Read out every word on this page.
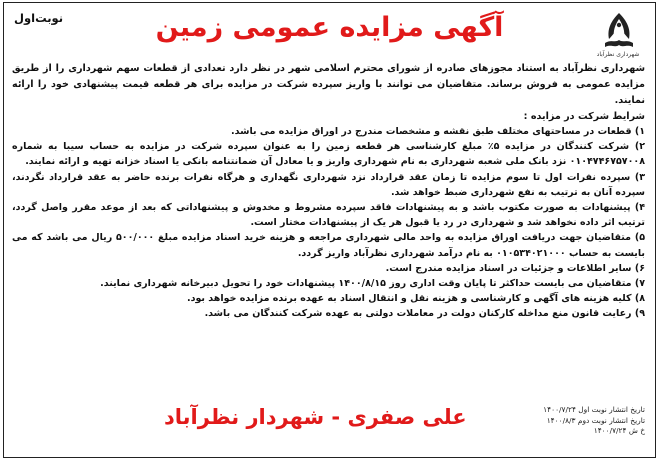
شهرداری نظرآباد
آگهی مزایده عمومی زمین
نوبت‌اول

شهرداری نظرآباد به استناد مجوزهای صادره از شورای محترم اسلامی شهر در نظر دارد تعدادی از قطعات سهم شهرداری را از طریق مزایده عمومی به فروش برساند. متقاضیان می توانند با واریز سپرده شرکت در مزایده برای هر قطعه قیمت پیشنهادی خود را ارائه نمایند.

شرایط شرکت در مزایده :

۱) قطعات در مساحتهای مختلف طبق نقشه و مشخصات مندرج در اوراق مزایده می باشد.
۲) شرکت کنندگان در مزایده ۵٪ مبلغ کارشناسی هر قطعه زمین را به عنوان سپرده شرکت در مزایده به حساب سیبا به شماره ۰۱۰۴۷۴۶۷۵۷۰۰۸ نزد بانک ملی شعبه شهرداری به نام شهرداری واریز و یا معادل آن ضمانتنامه بانکی یا اسناد خزانه تهیه و ارائه نمایند.
۳) سپرده نفرات اول تا سوم مزایده تا زمان عقد قرارداد نزد شهرداری نگهداری و هرگاه نفرات برنده حاضر به عقد قرارداد نگردند، سپرده آنان به ترتیب به نفع شهرداری ضبط خواهد شد.
۴) پیشنهادات به صورت مکتوب باشد و به پیشنهادات فاقد سپرده مشروط و مخدوش و پیشنهاداتی که بعد از موعد مقرر واصل گردد، ترتیب اثر داده نخواهد شد و شهرداری در رد یا قبول هر یک از پیشنهادات مختار است.
۵) متقاضیان جهت دریافت اوراق مزایده به واحد مالی شهرداری مراجعه و هزینه خرید اسناد مزایده مبلغ ۵۰۰/۰۰۰ ریال می باشد که می بایست به حساب ۰۱۰۵۳۴۰۲۱۰۰۰ به نام درآمد شهرداری نظرآباد واریز گردد.
۶) سایر اطلاعات و جزئیات در اسناد مزایده مندرج است.
۷) متقاضیان می بایست حداکثر تا پایان وقت اداری روز ۱۴۰۰/۸/۱۵ پیشنهادات خود را تحویل دبیرخانه شهرداری نمایند.
۸) کلیه هزینه های آگهی و کارشناسی و هزینه نقل و انتقال اسناد به عهده برنده مزایده خواهد بود.
۹) رعایت قانون منع مداخله کارکنان دولت در معاملات دولتی به عهده شرکت کنندگان می باشد.
تاریخ انتشار نوبت اول ۱۴۰۰/۷/۲۴
تاریخ انتشار نوبت دوم ۱۴۰۰/۸/۳
خ ش ۱۴۰۰/۷/۲۴
علی صفری - شهردار نظرآباد
